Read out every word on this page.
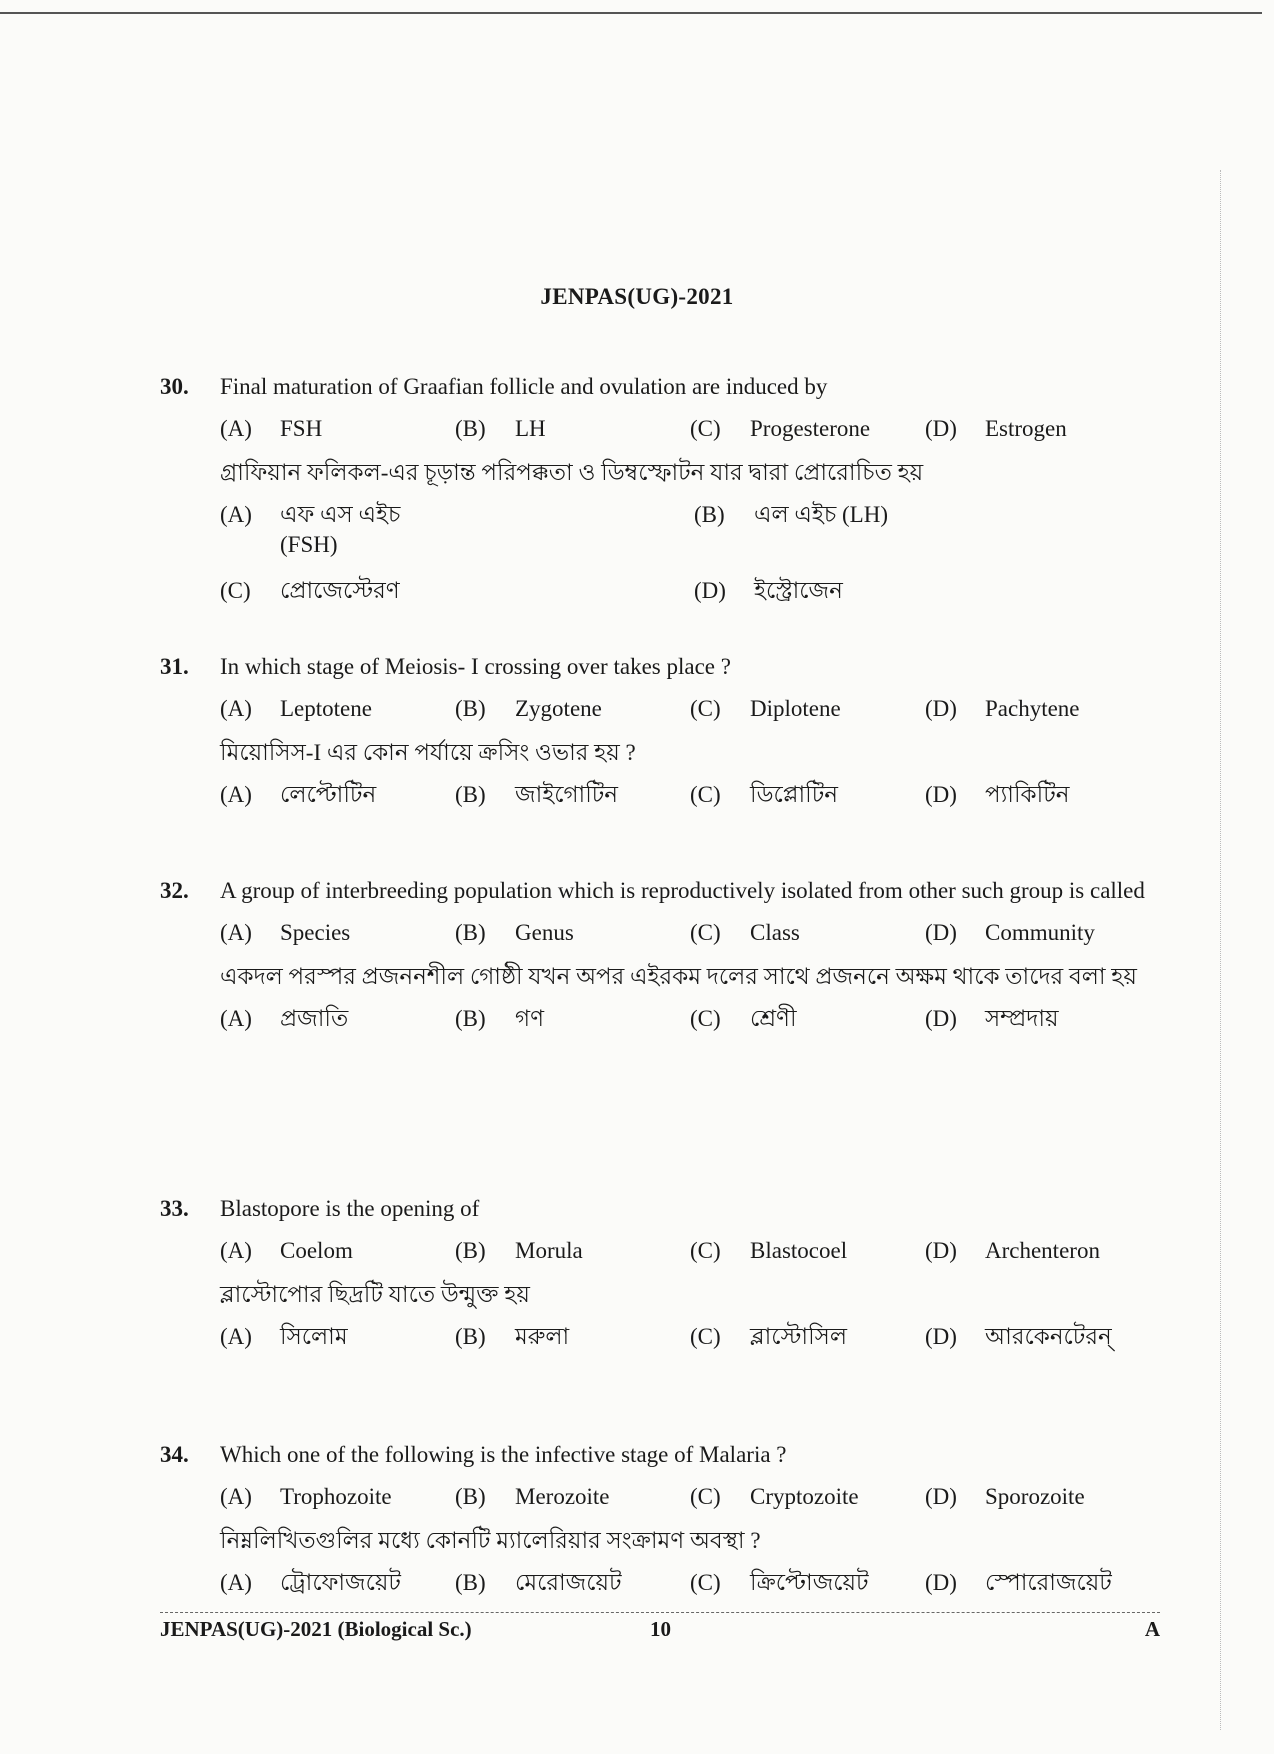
JENPAS(UG)-2021
30.	Final maturation of Graafian follicle and ovulation are induced by
(A)	FSH	(B)	LH	(C)	Progesterone (D)	Estrogen
গ্রাফিয়ান ফলিকল-এর চূড়ান্ত পরিপক্কতা ও ডিম্বস্ফোটন যার দ্বারা প্রোরোচিত হয়
(A)	এফ এস এইচ (FSH)
(B)	এল এইচ (LH)
(C)	প্রোজেস্টেরণ	(D)	ইস্ট্রোজেন
31.	In which stage of Meiosis- I crossing over takes place ?
(A)	Leptotene	(B)	Zygotene	(C)	Diplotene	(D)	Pachytene
মিয়োসিস-I এর কোন পর্যায়ে ক্রসিং ওভার হয় ?
(A)	লেপ্টোটিন	(B)	জাইগোটিন	(C)	ডিপ্লোটিন	(D)	প্যাকিটিন
32.	A group of interbreeding population which is reproductively isolated from other such group is called
(A)	Species	(B)	Genus	(C)	Class	(D)	Community
একদল পরস্পর প্রজননশীল গোষ্ঠী যখন অপর এইরকম দলের সাথে প্রজননে অক্ষম থাকে তাদের বলা হয়
(A)	প্রজাতি	(B)	গণ	(C)	শ্রেণী	(D)	সম্প্রদায়
33.	Blastopore is the opening of
(A)	Coelom	(B)	Morula	(C)	Blastocoel	(D)	Archenteron
ব্লাস্টোপোর ছিদ্রটি যাতে উন্মুক্ত হয়
(A)	সিলোম	(B)	মরুলা	(C)	ব্লাস্টোসিল	(D)	আরকেনটেরন্
34.	Which one of the following is the infective stage of Malaria ?
(A)	Trophozoite	(B)	Merozoite	(C)	Cryptozoite	(D)	Sporozoite
নিম্নলিখিতগুলির মধ্যে কোনটি ম্যালেরিয়ার সংক্রামণ অবস্থা ?
(A)	ট্রোফোজয়েট (B)	মেরোজয়েট	(C)	ক্রিপ্টোজয়েট (D)	স্পোরোজয়েট
JENPAS(UG)-2021 (Biological Sc.)	10	A
